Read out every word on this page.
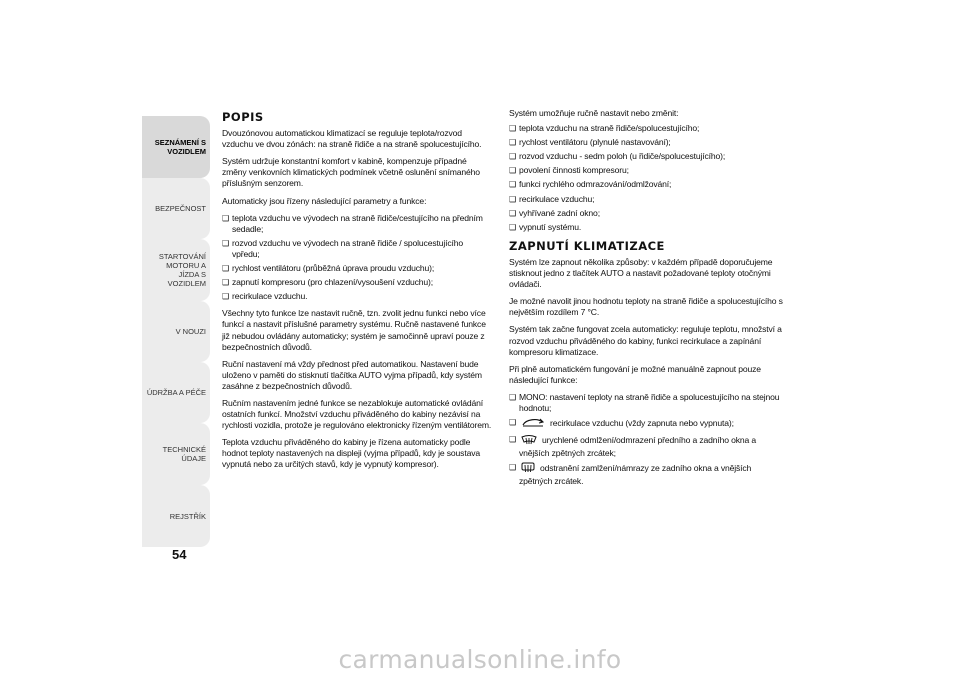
SEZNÁMENÍ S VOZIDLEM
BEZPEČNOST
STARTOVÁNÍ MOTORU A JÍZDA S VOZIDLEM
V NOUZI
ÚDRŽBA A PÉČE
TECHNICKÉ ÚDAJE
REJSTŘÍK
54
POPIS

Dvouzónovou automatickou klimatizací se reguluje teplota/rozvod vzduchu ve dvou zónách: na straně řidiče a na straně spolucestujícího.

Systém udržuje konstantní komfort v kabině, kompenzuje případné změny venkovních klimatických podmínek včetně oslunění snímaného příslušným senzorem.

Automaticky jsou řízeny následující parametry a funkce:

❑ teplota vzduchu ve vývodech na straně řidiče/cestujícího na předním sedadle;
❑ rozvod vzduchu ve vývodech na straně řidiče / spolucestujícího vpředu;
❑ rychlost ventilátoru (průběžná úprava proudu vzduchu);
❑ zapnutí kompresoru (pro chlazení/vysoušení vzduchu);
❑ recirkulace vzduchu.

Všechny tyto funkce lze nastavit ručně, tzn. zvolit jednu funkci nebo více funkcí a nastavit příslušné parametry systému. Ručně nastavené funkce již nebudou ovládány automaticky; systém je samočinně upraví pouze z bezpečnostních důvodů.

Ruční nastavení má vždy přednost před automatikou. Nastavení bude uloženo v paměti do stisknutí tlačítka AUTO vyjma případů, kdy systém zasáhne z bezpečnostních důvodů.

Ručním nastavením jedné funkce se nezablokuje automatické ovládání ostatních funkcí. Množství vzduchu přiváděného do kabiny nezávisí na rychlosti vozidla, protože je regulováno elektronicky řízeným ventilátorem.

Teplota vzduchu přiváděného do kabiny je řízena automaticky podle hodnot teploty nastavených na displeji (vyjma případů, kdy je soustava vypnutá nebo za určitých stavů, kdy je vypnutý kompresor).

Systém umožňuje ručně nastavit nebo změnit:

❑ teplota vzduchu na straně řidiče/spolucestujícího;
❑ rychlost ventilátoru (plynulé nastavování);
❑ rozvod vzduchu - sedm poloh (u řidiče/spolucestujícího);
❑ povolení činnosti kompresoru;
❑ funkci rychlého odmrazování/odmlžování;
❑ recirkulace vzduchu;
❑ vyhřívané zadní okno;
❑ vypnutí systému.
ZAPNUTÍ KLIMATIZACE

Systém lze zapnout několika způsoby: v každém případě doporučujeme stisknout jedno z tlačítek AUTO a nastavit požadované teploty otočnými ovládači.

Je možné navolit jinou hodnotu teploty na straně řidiče a spolucestujícího s největším rozdílem 7 °C.

Systém tak začne fungovat zcela automaticky: reguluje teplotu, množství a rozvod vzduchu přiváděného do kabiny, funkci recirkulace a zapínání kompresoru klimatizace.

Při plně automatickém fungování je možné manuálně zapnout pouze následující funkce:

❑ MONO: nastavení teploty na straně řidiče a spolucestujícího na stejnou hodnotu;
❑ recirkulace vzduchu (vždy zapnuta nebo vypnuta);
❑ urychlené odmlžení/odmrazení předního a zadního okna a vnějších zpětných zrcátek;
❑ odstranění zamlžení/námrazy ze zadního okna a vnějších zpětných zrcátek.
carmanualsonline.info
